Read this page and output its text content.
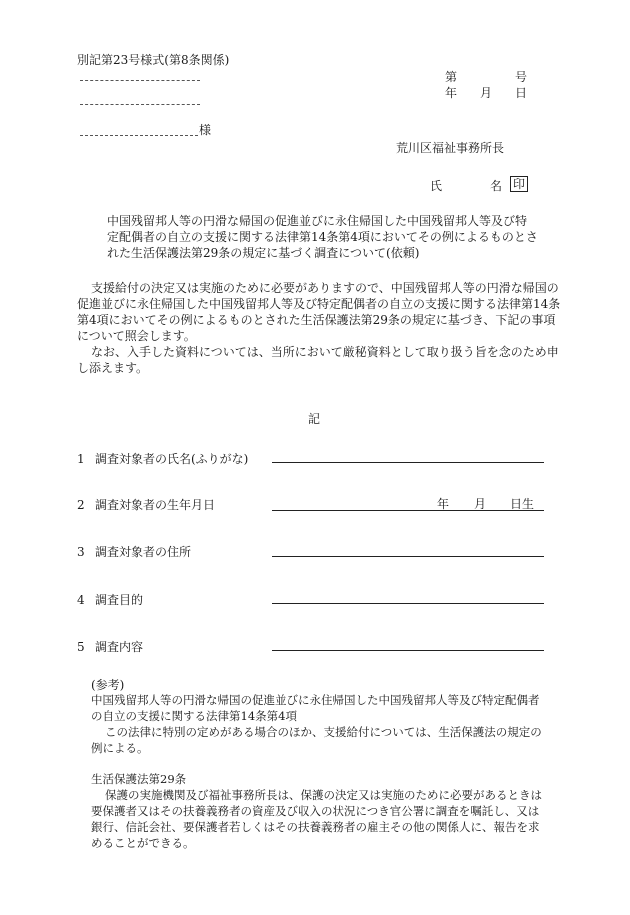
別記第23号様式(第8条関係)
様
第	号
年 月 日
荒川区福祉事務所長
氏	名 印
中国残留邦人等の円滑な帰国の促進並びに永住帰国した中国残留邦人等及び特
定配偶者の自立の支援に関する法律第14条第4項においてその例によるものとさ
れた生活保護法第29条の規定に基づく調査について(依頼)
支援給付の決定又は実施のために必要がありますので、中国残留邦人等の円滑な帰国の
促進並びに永住帰国した中国残留邦人等及び特定配偶者の自立の支援に関する法律第14条
第4項においてその例によるものとされた生活保護法第29条の規定に基づき、下記の事項
について照会します。
なお、入手した資料については、当所において厳秘資料として取り扱う旨を念のため申
し添えます。
記
1 調査対象者の氏名(ふりがな)
2 調査対象者の生年月日	年 月 日生
3 調査対象者の住所
4 調査目的
5 調査内容
(参考)
中国残留邦人等の円滑な帰国の促進並びに永住帰国した中国残留邦人等及び特定配偶者
の自立の支援に関する法律第14条第4項
この法律に特別の定めがある場合のほか、支援給付については、生活保護法の規定の
例による。
生活保護法第29条
保護の実施機関及び福祉事務所長は、保護の決定又は実施のために必要があるときは
要保護者又はその扶養義務者の資産及び収入の状況につき官公署に調査を嘱託し、又は
銀行、信託会社、要保護者若しくはその扶養義務者の雇主その他の関係人に、報告を求
めることができる。
